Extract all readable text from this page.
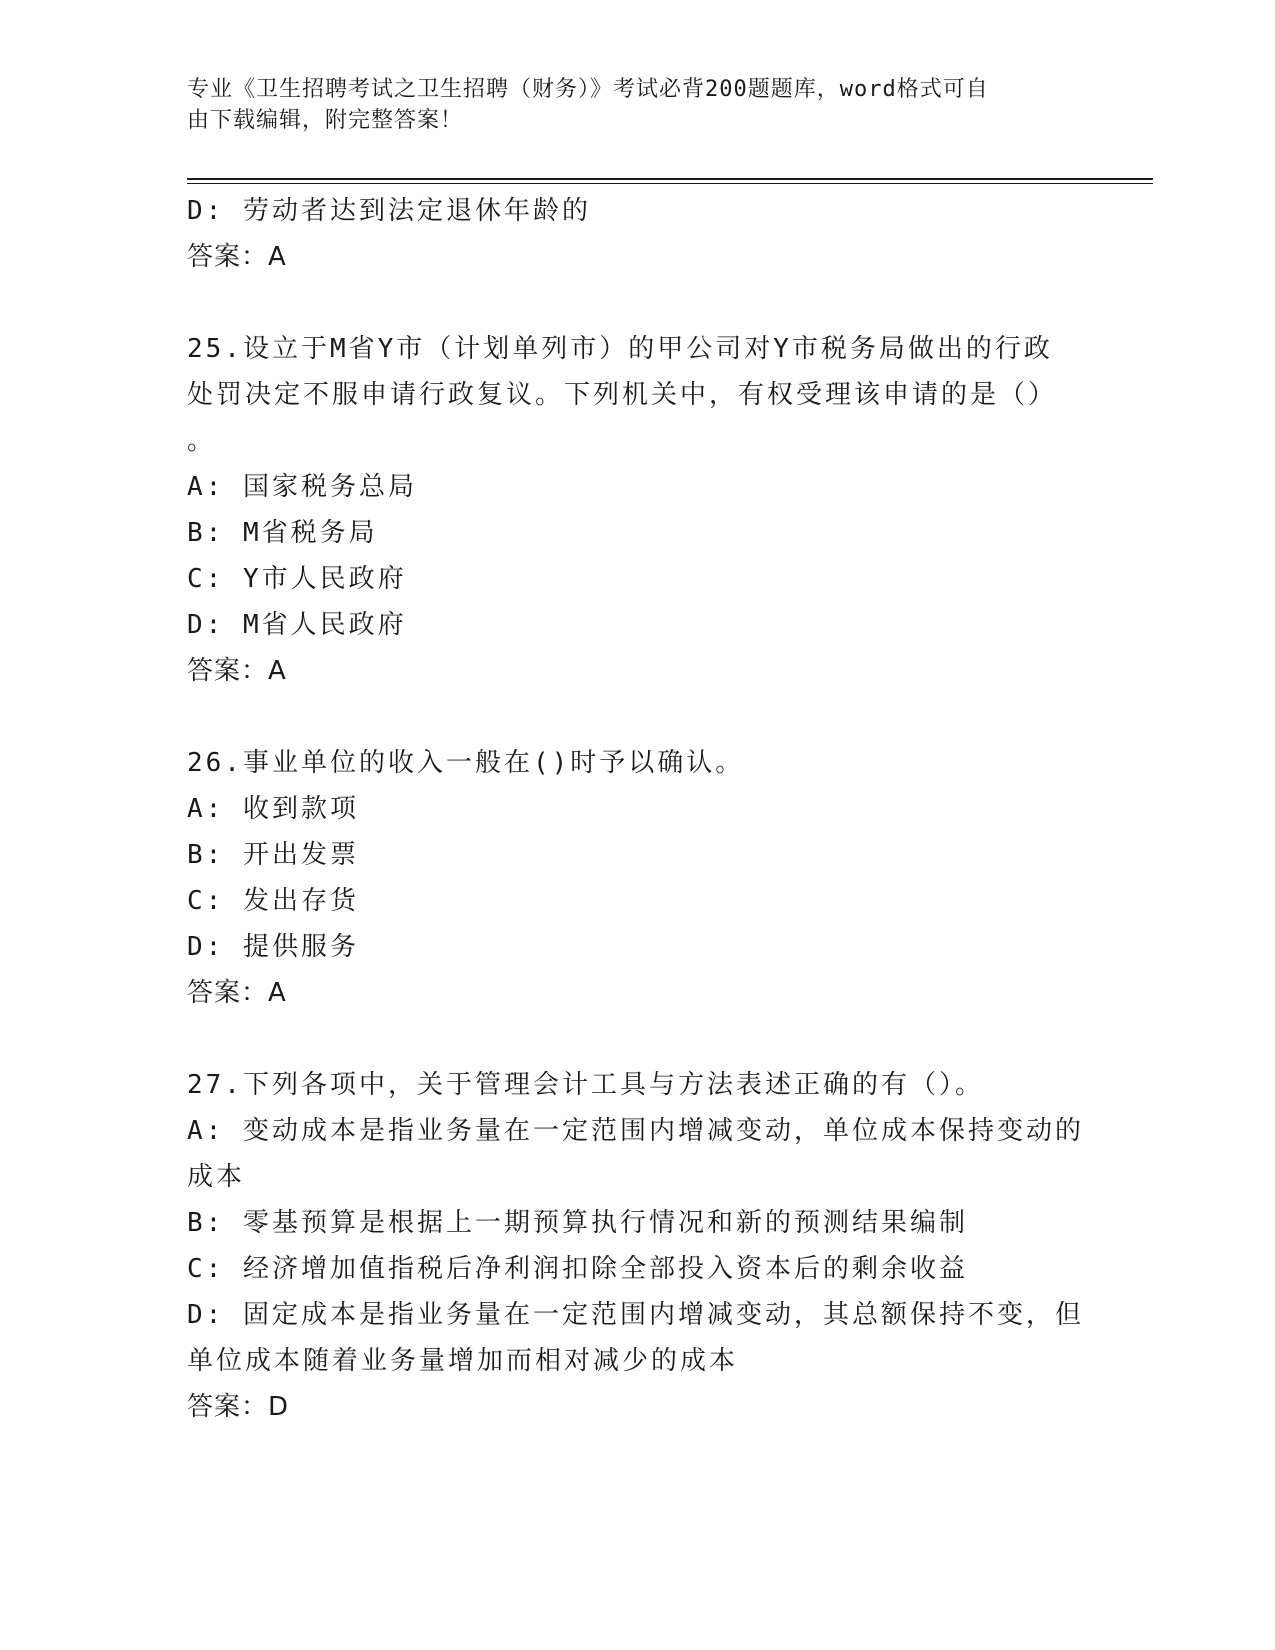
专业《卫生招聘考试之卫生招聘（财务）》考试必背200题题库，word格式可自
由下载编辑，附完整答案！
D: 劳动者达到法定退休年龄的
答案：A
25.设立于M省Y市（计划单列市）的甲公司对Y市税务局做出的行政
处罚决定不服申请行政复议。下列机关中，有权受理该申请的是（）
。
A: 国家税务总局
B: M省税务局
C: Y市人民政府
D: M省人民政府
答案：A
26.事业单位的收入一般在()时予以确认。
A: 收到款项
B: 开出发票
C: 发出存货
D: 提供服务
答案：A
27.下列各项中，关于管理会计工具与方法表述正确的有（）。
A: 变动成本是指业务量在一定范围内增减变动，单位成本保持变动的
成本
B: 零基预算是根据上一期预算执行情况和新的预测结果编制
C: 经济增加值指税后净利润扣除全部投入资本后的剩余收益
D: 固定成本是指业务量在一定范围内增减变动，其总额保持不变，但
单位成本随着业务量增加而相对减少的成本
答案：D
